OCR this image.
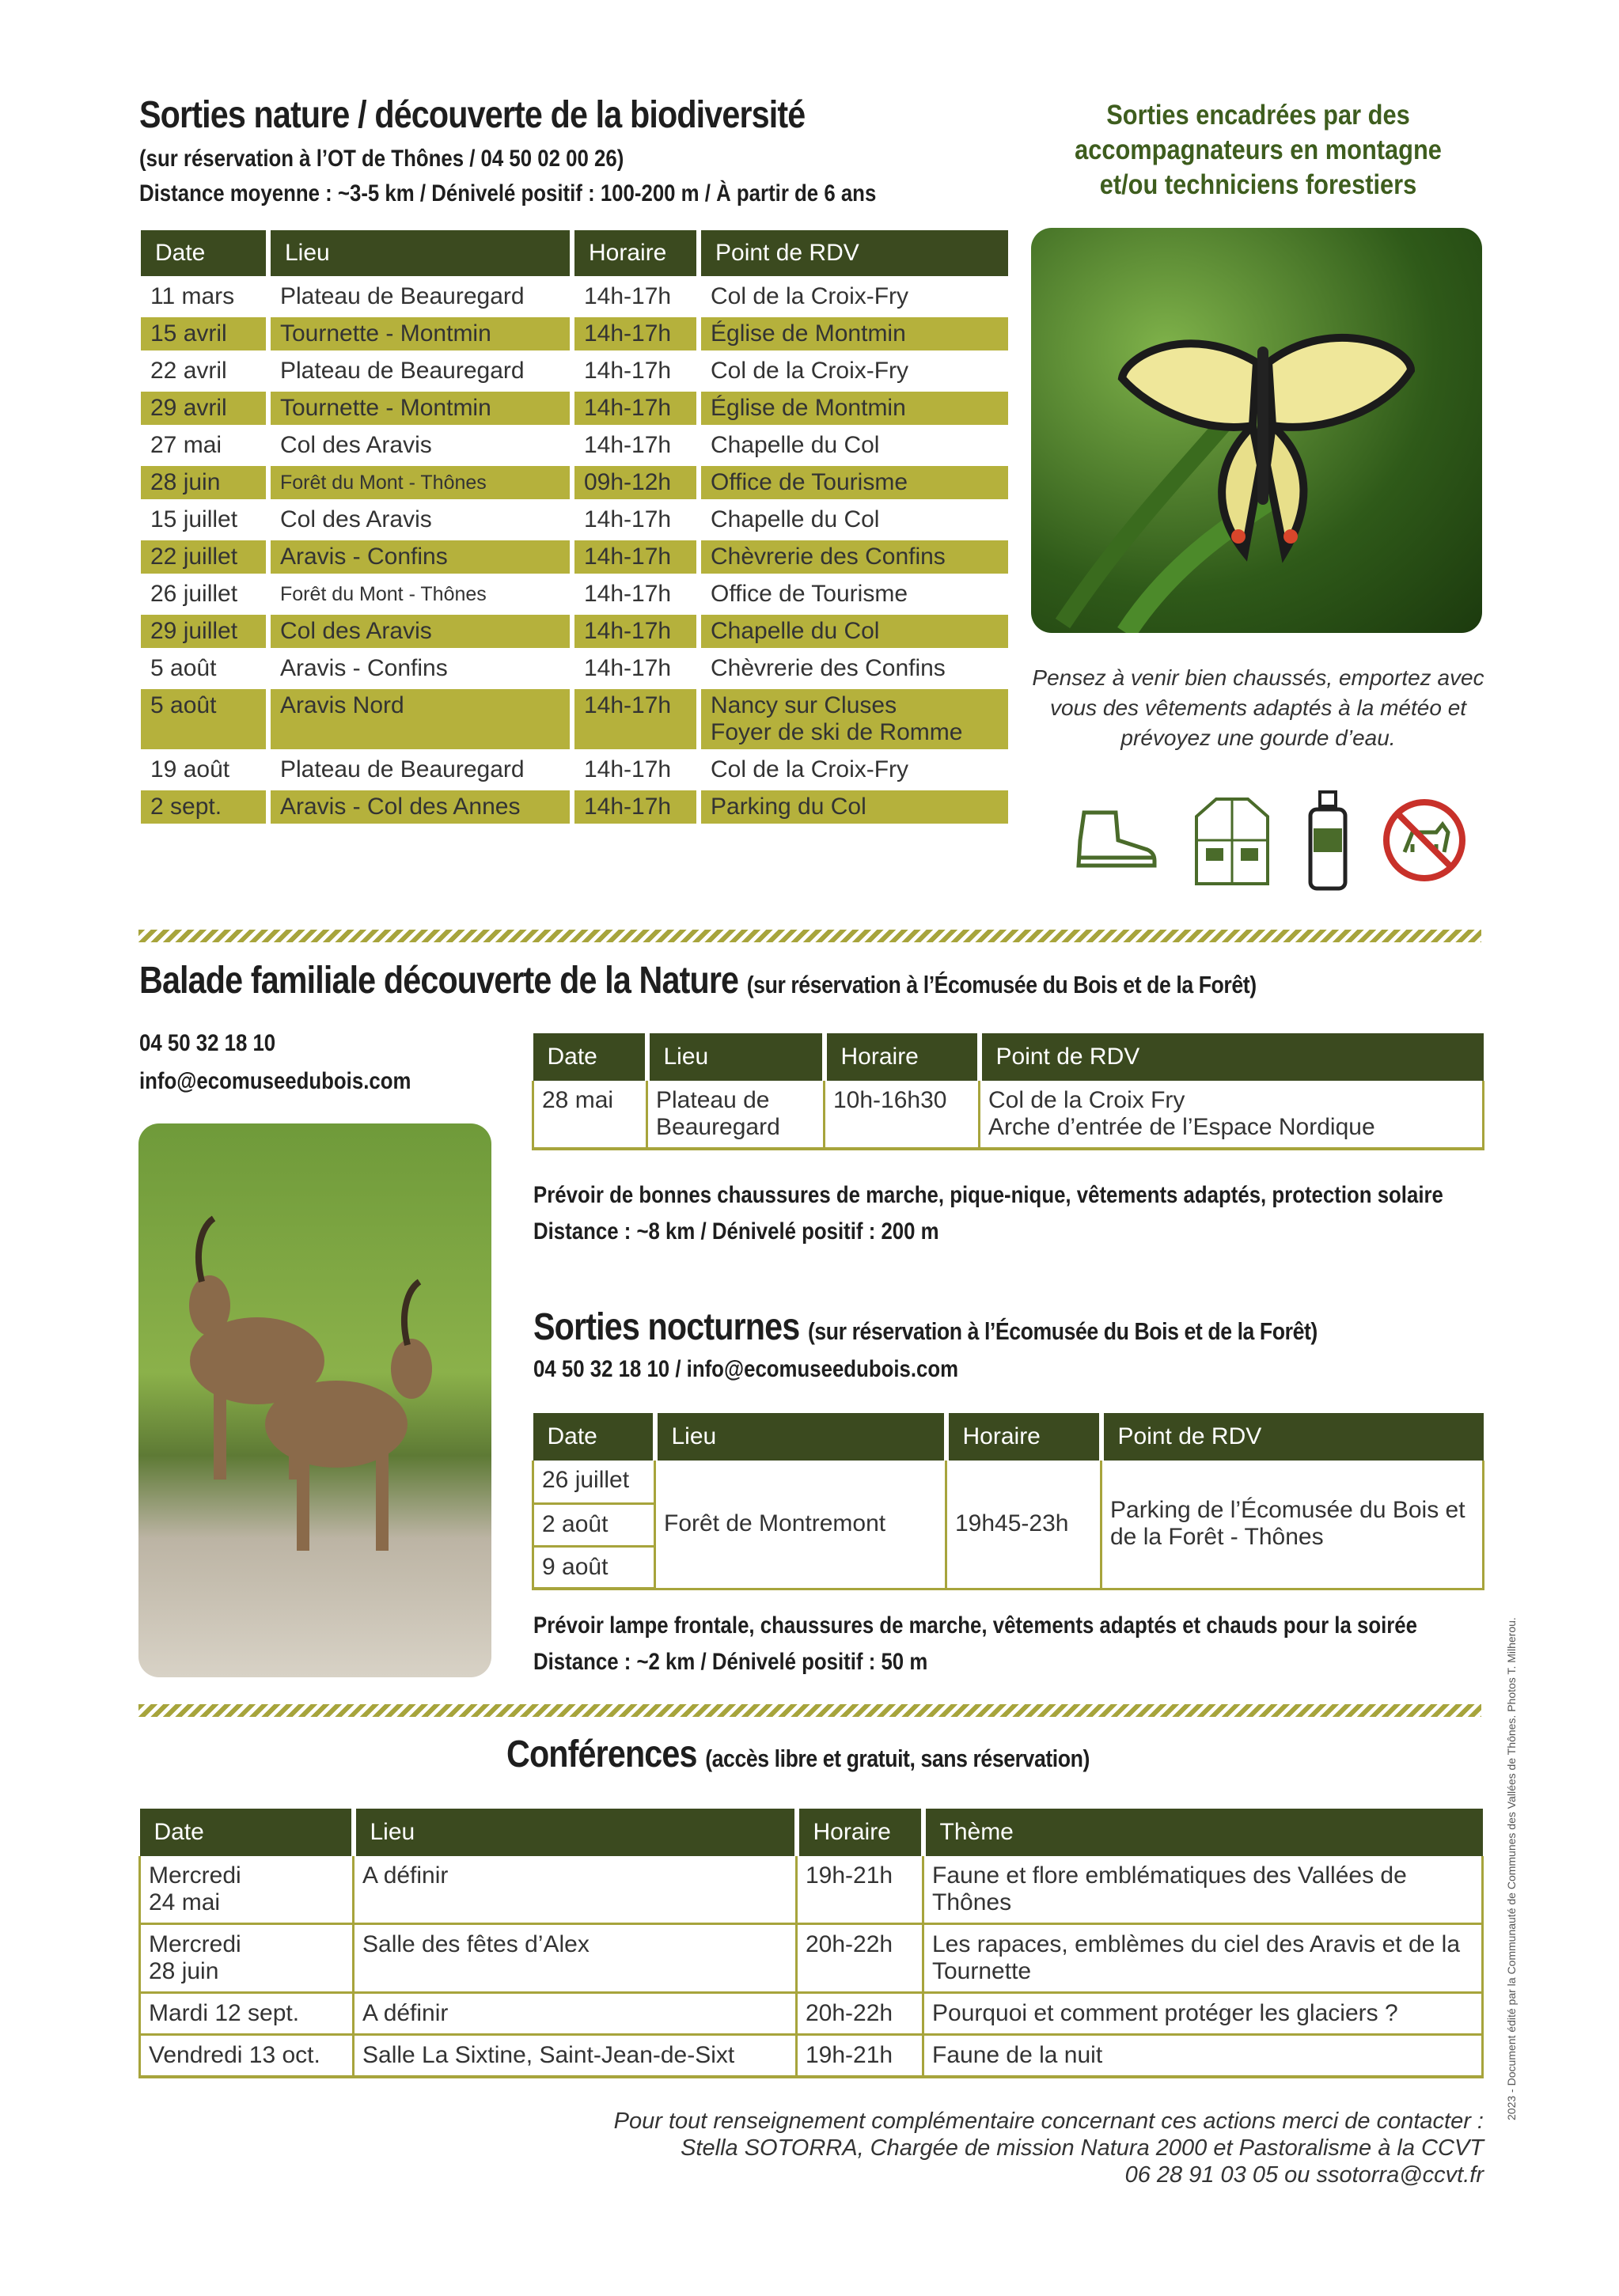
Sorties nature / découverte de la biodiversité
(sur réservation à l’OT de Thônes / 04 50 02 00 26)
Distance moyenne : ~3-5 km / Dénivelé positif : 100-200 m / À partir de 6 ans
Date	Lieu	Horaire	Point de RDV
11 mars	Plateau de Beauregard	14h-17h	Col de la Croix-Fry
15 avril	Tournette - Montmin	14h-17h	Église de Montmin
22 avril	Plateau de Beauregard	14h-17h	Col de la Croix-Fry
29 avril	Tournette - Montmin	14h-17h	Église de Montmin
27 mai	Col des Aravis	14h-17h	Chapelle du Col
28 juin	Forêt du Mont - Thônes	09h-12h	Office de Tourisme
15 juillet	Col des Aravis	14h-17h	Chapelle du Col
22 juillet	Aravis - Confins	14h-17h	Chèvrerie des Confins
26 juillet	Forêt du Mont - Thônes	14h-17h	Office de Tourisme
29 juillet	Col des Aravis	14h-17h	Chapelle du Col
5 août	Aravis - Confins	14h-17h	Chèvrerie des Confins
5 août	Aravis Nord	14h-17h	Nancy sur Cluses
Foyer de ski de Romme
19 août	Plateau de Beauregard	14h-17h	Col de la Croix-Fry
2 sept.	Aravis - Col des Annes	14h-17h	Parking du Col
Sorties encadrées par des accompagnateurs en montagne et/ou techniciens forestiers
Pensez à venir bien chaussés, emportez avec vous des vêtements adaptés à la météo et prévoyez une gourde d’eau.
Balade familiale découverte de la Nature (sur réservation à l’Écomusée du Bois et de la Forêt)
04 50 32 18 10
info@ecomuseedubois.com
Date	Lieu	Horaire	Point de RDV
28 mai	Plateau de Beauregard	10h-16h30	Col de la Croix Fry
Arche d’entrée de l’Espace Nordique
Prévoir de bonnes chaussures de marche, pique-nique, vêtements adaptés, protection solaire
Distance : ~8 km / Dénivelé positif : 200 m
Sorties nocturnes (sur réservation à l’Écomusée du Bois et de la Forêt)
04 50 32 18 10 / info@ecomuseedubois.com
Date	Lieu	Horaire	Point de RDV
26 juillet	Forêt de Montremont	19h45-23h	Parking de l’Écomusée du Bois et de la Forêt - Thônes
2 août			
9 août			
Prévoir lampe frontale, chaussures de marche, vêtements adaptés et chauds pour la soirée
Distance : ~2 km / Dénivelé positif : 50 m
Conférences (accès libre et gratuit, sans réservation)
Date	Lieu	Horaire	Thème
Mercredi
24 mai	A définir	19h-21h	Faune et flore emblématiques des Vallées de Thônes
Mercredi
28 juin	Salle des fêtes d’Alex	20h-22h	Les rapaces, emblèmes du ciel des Aravis et de la Tournette
Mardi 12 sept.	A définir	20h-22h	Pourquoi et comment protéger les glaciers ?
Vendredi 13 oct.	Salle La Sixtine, Saint-Jean-de-Sixt	19h-21h	Faune de la nuit
Pour tout renseignement complémentaire concernant ces actions merci de contacter :
Stella SOTORRA, Chargée de mission Natura 2000 et Pastoralisme à la CCVT
06 28 91 03 05 ou ssotorra@ccvt.fr
2023 - Document édité par la Communauté de Communes des Vallées de Thônes. Photos T. Milherou.
